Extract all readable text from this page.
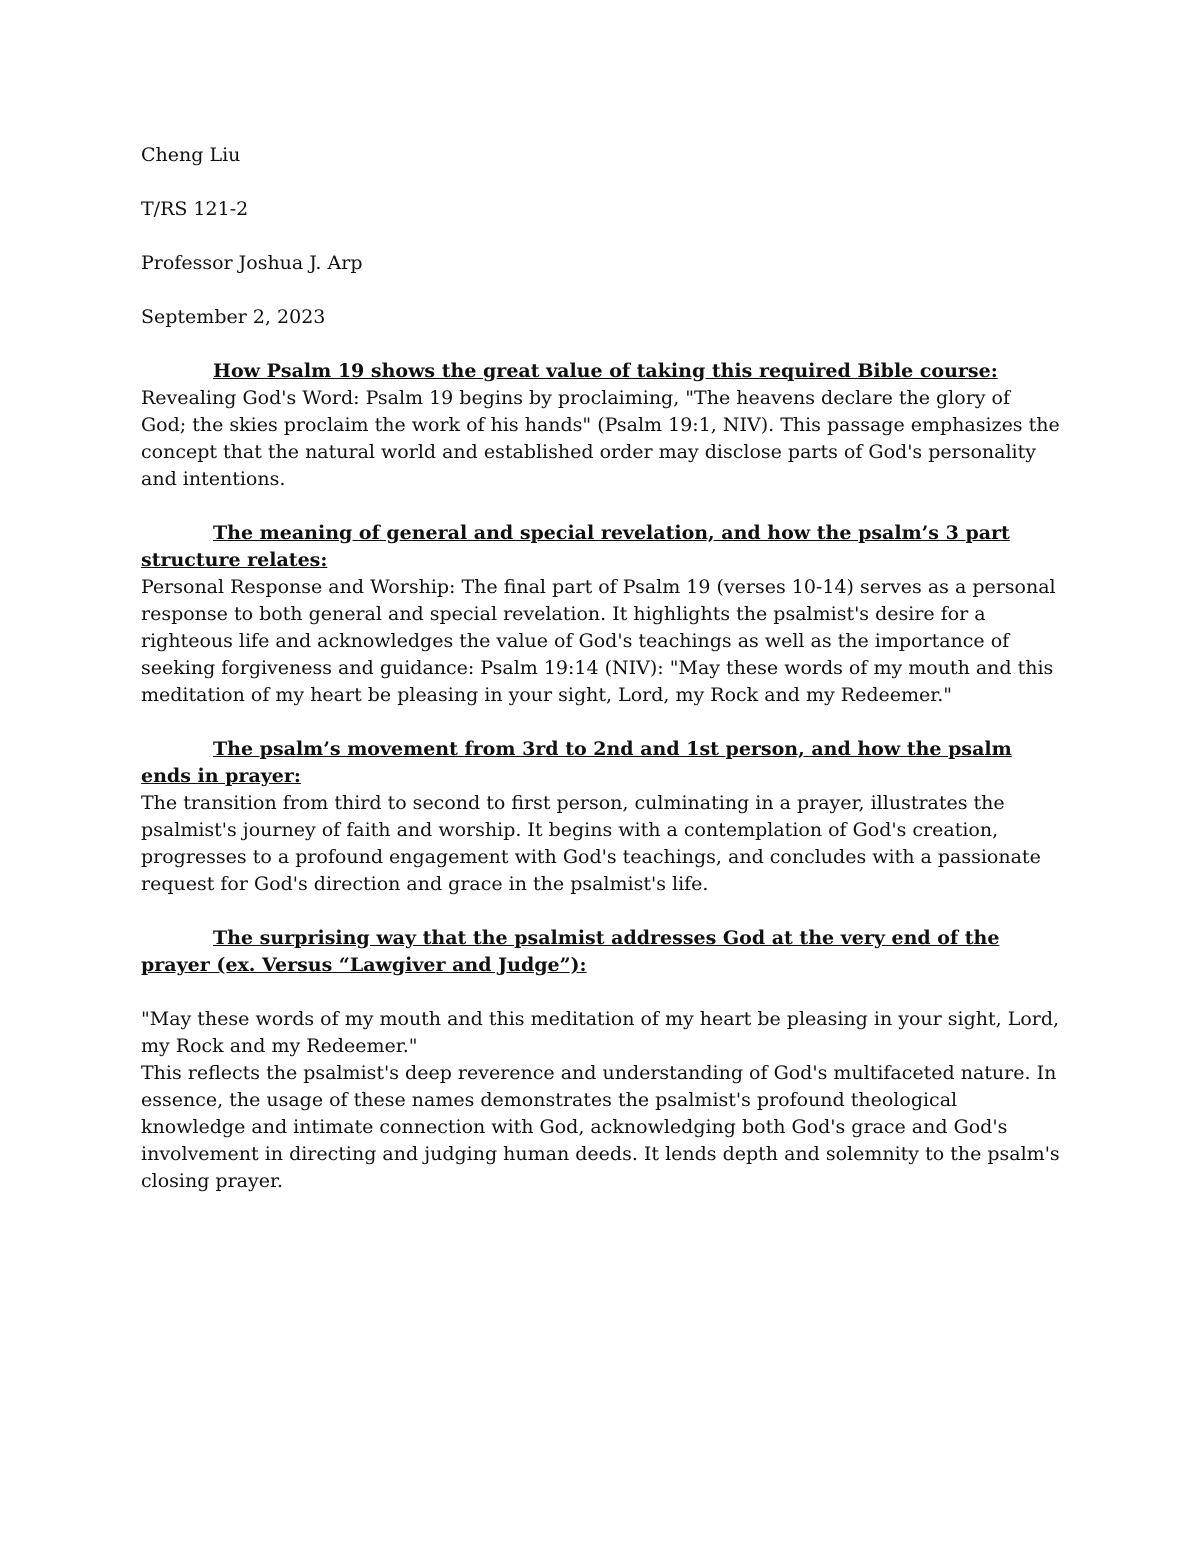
Cheng Liu

T/RS 121-2

Professor Joshua J. Arp

September 2, 2023

How Psalm 19 shows the great value of taking this required Bible course:

Revealing God's Word: Psalm 19 begins by proclaiming, "The heavens declare the glory of God; the skies proclaim the work of his hands" (Psalm 19:1, NIV). This passage emphasizes the concept that the natural world and established order may disclose parts of God's personality and intentions.

The meaning of general and special revelation, and how the psalm’s 3 part structure relates:

Personal Response and Worship: The final part of Psalm 19 (verses 10-14) serves as a personal response to both general and special revelation. It highlights the psalmist's desire for a righteous life and acknowledges the value of God's teachings as well as the importance of seeking forgiveness and guidance: Psalm 19:14 (NIV): "May these words of my mouth and this meditation of my heart be pleasing in your sight, Lord, my Rock and my Redeemer."

The psalm’s movement from 3rd to 2nd and 1st person, and how the psalm ends in prayer:

The transition from third to second to first person, culminating in a prayer, illustrates the psalmist's journey of faith and worship. It begins with a contemplation of God's creation, progresses to a profound engagement with God's teachings, and concludes with a passionate request for God's direction and grace in the psalmist's life.

The surprising way that the psalmist addresses God at the very end of the prayer (ex. Versus “Lawgiver and Judge”):

"May these words of my mouth and this meditation of my heart be pleasing in your sight, Lord, my Rock and my Redeemer."

This reflects the psalmist's deep reverence and understanding of God's multifaceted nature. In essence, the usage of these names demonstrates the psalmist's profound theological knowledge and intimate connection with God, acknowledging both God's grace and God's involvement in directing and judging human deeds. It lends depth and solemnity to the psalm's closing prayer.
